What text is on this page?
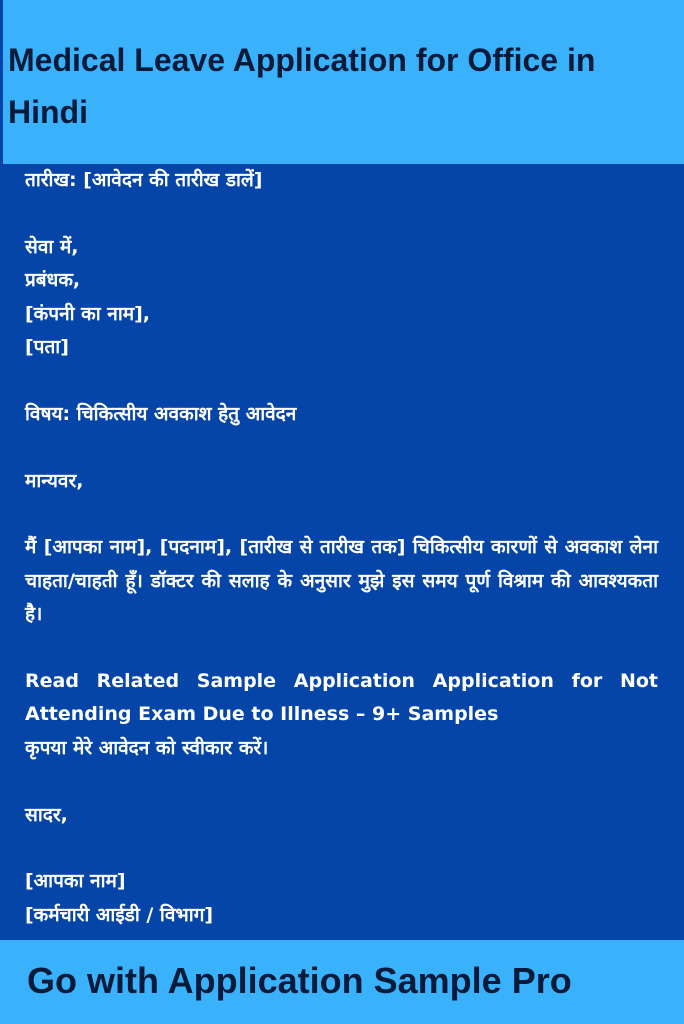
Medical Leave Application for Office in Hindi

तारीख: [आवेदन की तारीख डालें]

सेवा में,

प्रबंधक,

[कंपनी का नाम],

[पता]

विषय: चिकित्सीय अवकाश हेतु आवेदन

मान्यवर,

मैं [आपका नाम], [पदनाम], [तारीख से तारीख तक] चिकित्सीय कारणों से अवकाश लेना चाहता/चाहती हूँ। डॉक्टर की सलाह के अनुसार मुझे इस समय पूर्ण विश्राम की आवश्यकता है।

Read Related Sample Application Application for Not Attending Exam Due to Illness – 9+ Samples

कृपया मेरे आवेदन को स्वीकार करें।

सादर,

[आपका नाम]

[कर्मचारी आईडी / विभाग]

Go with Application Sample Pro
